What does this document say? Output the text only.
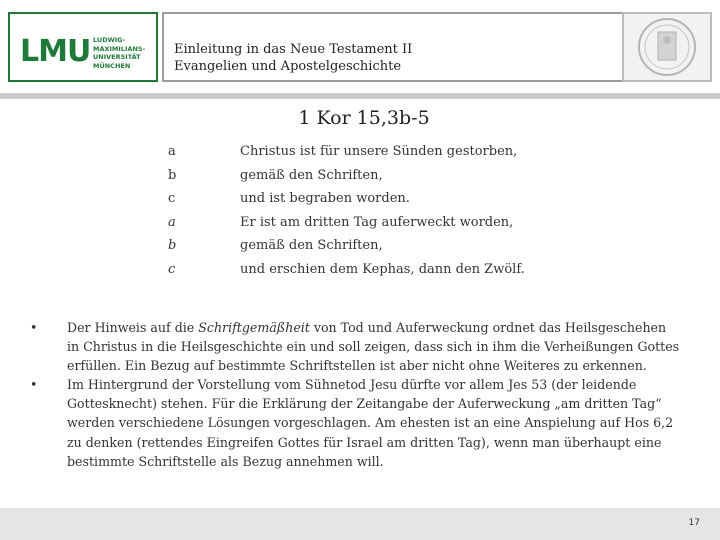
LMU LUDWIG-
MAXIMILIANS-
UNIVERSITÄT
MÜNCHEN
Einleitung in das Neue Testament II
Evangelien und Apostelgeschichte
1 Kor 15,3b-5
a	Christus ist für unsere Sünden gestorben,
b	gemäß den Schriften,
c	und ist begraben worden.
a	Er ist am dritten Tag auferweckt worden,
b	gemäß den Schriften,
c	und erschien dem Kephas, dann den Zwölf.
•	Der Hinweis auf die Schriftgemäßheit von Tod und Auferweckung ordnet das Heilsgeschehen in Christus in die Heilsgeschichte ein und soll zeigen, dass sich in ihm die Verheißungen Gottes erfüllen. Ein Bezug auf bestimmte Schriftstellen ist aber nicht ohne Weiteres zu erkennen.
•	Im Hintergrund der Vorstellung vom Sühnetod Jesu dürfte vor allem Jes 53 (der leidende Gottesknecht) stehen. Für die Erklärung der Zeitangabe der Auferweckung „am dritten Tag“ werden verschiedene Lösungen vorgeschlagen. Am ehesten ist an eine Anspielung auf Hos 6,2 zu denken (rettendes Eingreifen Gottes für Israel am dritten Tag), wenn man überhaupt eine bestimmte Schriftstelle als Bezug annehmen will.
17
